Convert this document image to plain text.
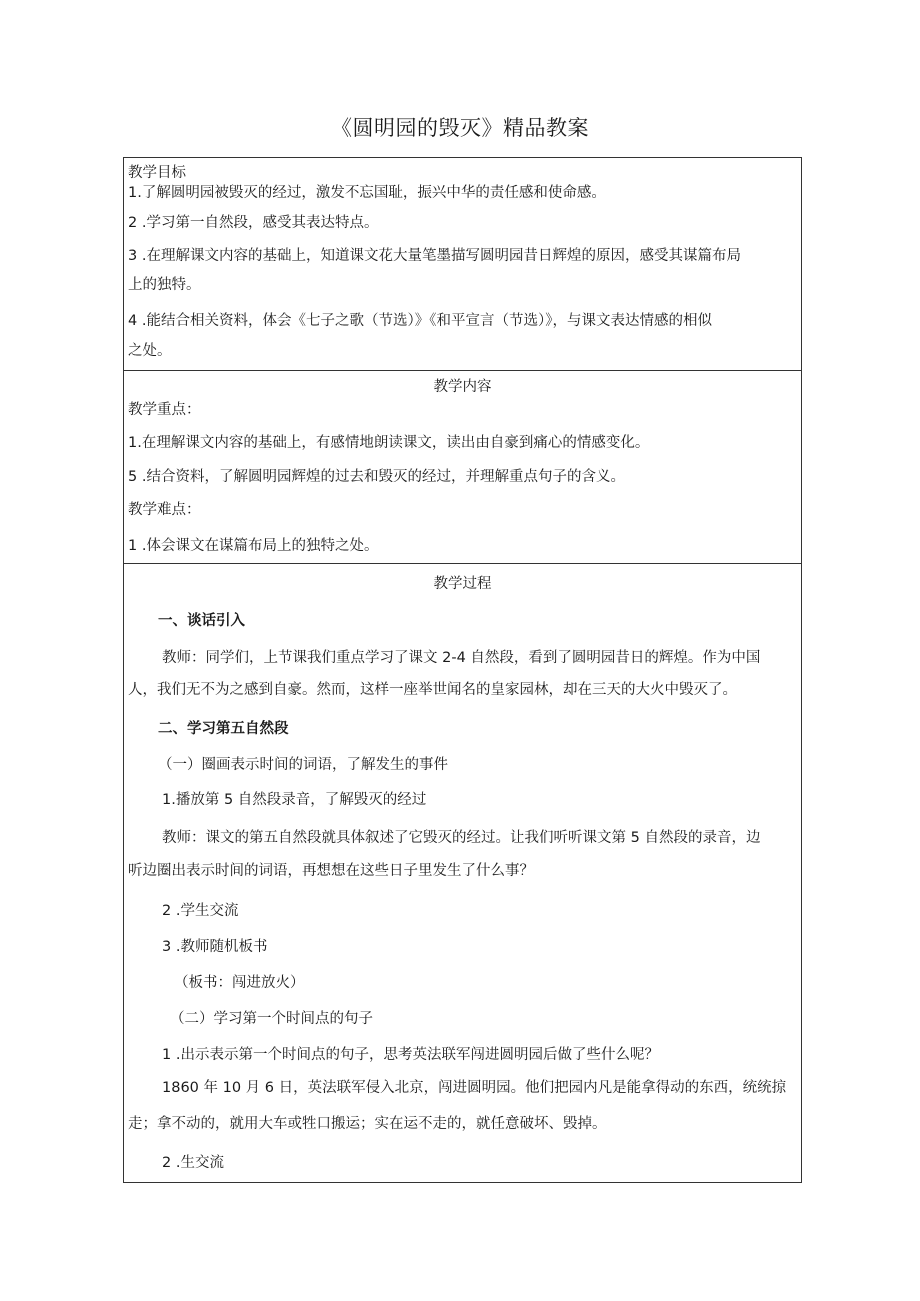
《圆明园的毁灭》精品教案
教学目标
1.了解圆明园被毁灭的经过，激发不忘国耻，振兴中华的责任感和使命感。
2 .学习第一自然段，感受其表达特点。
3 .在理解课文内容的基础上，知道课文花大量笔墨描写圆明园昔日辉煌的原因，感受其谋篇布局
上的独特。
4 .能结合相关资料，体会《七子之歌（节选）》《和平宣言（节选）》，与课文表达情感的相似
之处。
教学内容
教学重点：
1.在理解课文内容的基础上，有感情地朗读课文，读出由自豪到痛心的情感变化。
5 .结合资料，了解圆明园辉煌的过去和毁灭的经过，并理解重点句子的含义。
教学难点：
1 .体会课文在谋篇布局上的独特之处。
教学过程
一、谈话引入
教师：同学们，上节课我们重点学习了课文 2-4 自然段，看到了圆明园昔日的辉煌。作为中国
人，我们无不为之感到自豪。然而，这样一座举世闻名的皇家园林，却在三天的大火中毁灭了。
二、学习第五自然段
（一）圈画表示时间的词语，了解发生的事件
1.播放第 5 自然段录音，了解毁灭的经过
教师：课文的第五自然段就具体叙述了它毁灭的经过。让我们听听课文第 5 自然段的录音，边
听边圈出表示时间的词语，再想想在这些日子里发生了什么事？
2 .学生交流
3 .教师随机板书
（板书：闯进放火）
（二）学习第一个时间点的句子
1 .出示表示第一个时间点的句子，思考英法联军闯进圆明园后做了些什么呢？
1860 年 10 月 6 日，英法联军侵入北京，闯进圆明园。他们把园内凡是能拿得动的东西，统统掠
走；拿不动的，就用大车或牲口搬运；实在运不走的，就任意破坏、毁掉。
2 .生交流
